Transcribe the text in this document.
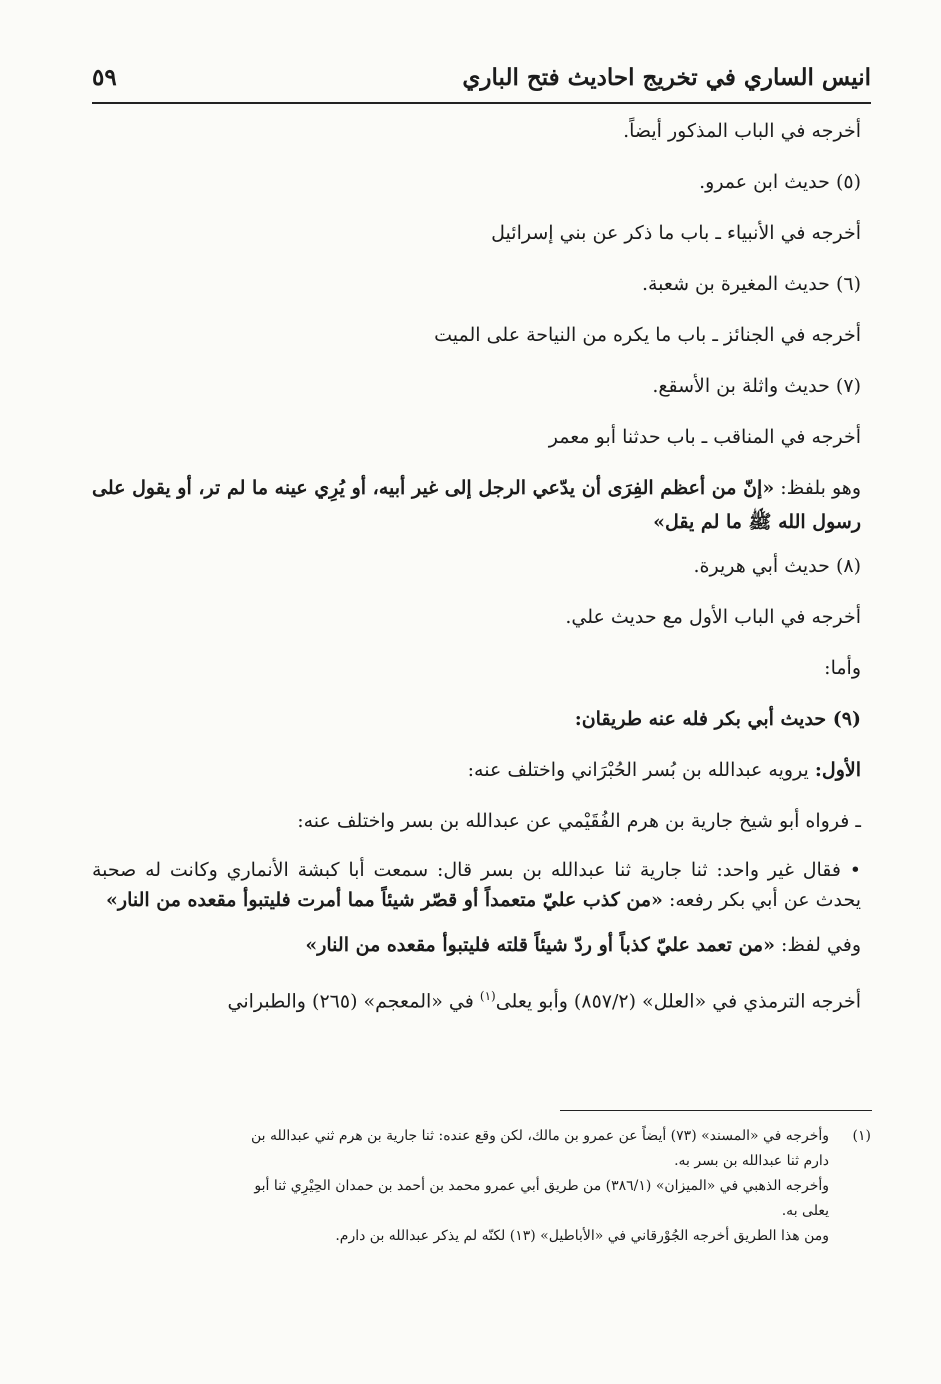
انيس الساري في تخريج احاديث فتح الباري
٥٩

أخرجه في الباب المذكور أيضاً.

(٥) حديث ابن عمرو.

أخرجه في الأنبياء ـ باب ما ذكر عن بني إسرائيل

(٦) حديث المغيرة بن شعبة.

أخرجه في الجنائز ـ باب ما يكره من النياحة على الميت

(٧) حديث واثلة بن الأسقع.

أخرجه في المناقب ـ باب حدثنا أبو معمر

وهو بلفظ: «إنّ من أعظم الفِرَى أن يدّعي الرجل إلى غير أبيه، أو يُرِي عينه ما لم تر، أو يقول على رسول الله ﷺ ما لم يقل»

(٨) حديث أبي هريرة.

أخرجه في الباب الأول مع حديث علي.

وأما:

(٩) حديث أبي بكر فله عنه طريقان:

الأول: يرويه عبدالله بن بُسر الحُبْرَاني واختلف عنه:

ـ فرواه أبو شيخ جارية بن هرم الفُقَيْمي عن عبدالله بن بسر واختلف عنه:

• فقال غير واحد: ثنا جارية ثنا عبدالله بن بسر قال: سمعت أبا كبشة الأنماري وكانت له صحبة يحدث عن أبي بكر رفعه: «من كذب عليّ متعمداً أو قصّر شيئاً مما أمرت فليتبوأ مقعده من النار»

وفي لفظ: «من تعمد عليّ كذباً أو ردّ شيئاً قلته فليتبوأ مقعده من النار»

أخرجه الترمذي في «العلل» (٨٥٧/٢) وأبو يعلى$^{(١)}$ في «المعجم» (٢٦٥) والطبراني

(١)
وأخرجه في «المسند» (٧٣) أيضاً عن عمرو بن مالك، لكن وقع عنده: ثنا جارية بن هرم ثني عبدالله بن
دارم ثنا عبدالله بن بسر به.
وأخرجه الذهبي في «الميزان» (٣٨٦/١) من طريق أبي عمرو محمد بن أحمد بن حمدان الحِيْرِي ثنا أبو
يعلى به.
ومن هذا الطريق أخرجه الجُوْرقاني في «الأباطيل» (١٣) لكنّه لم يذكر عبدالله بن دارم.
